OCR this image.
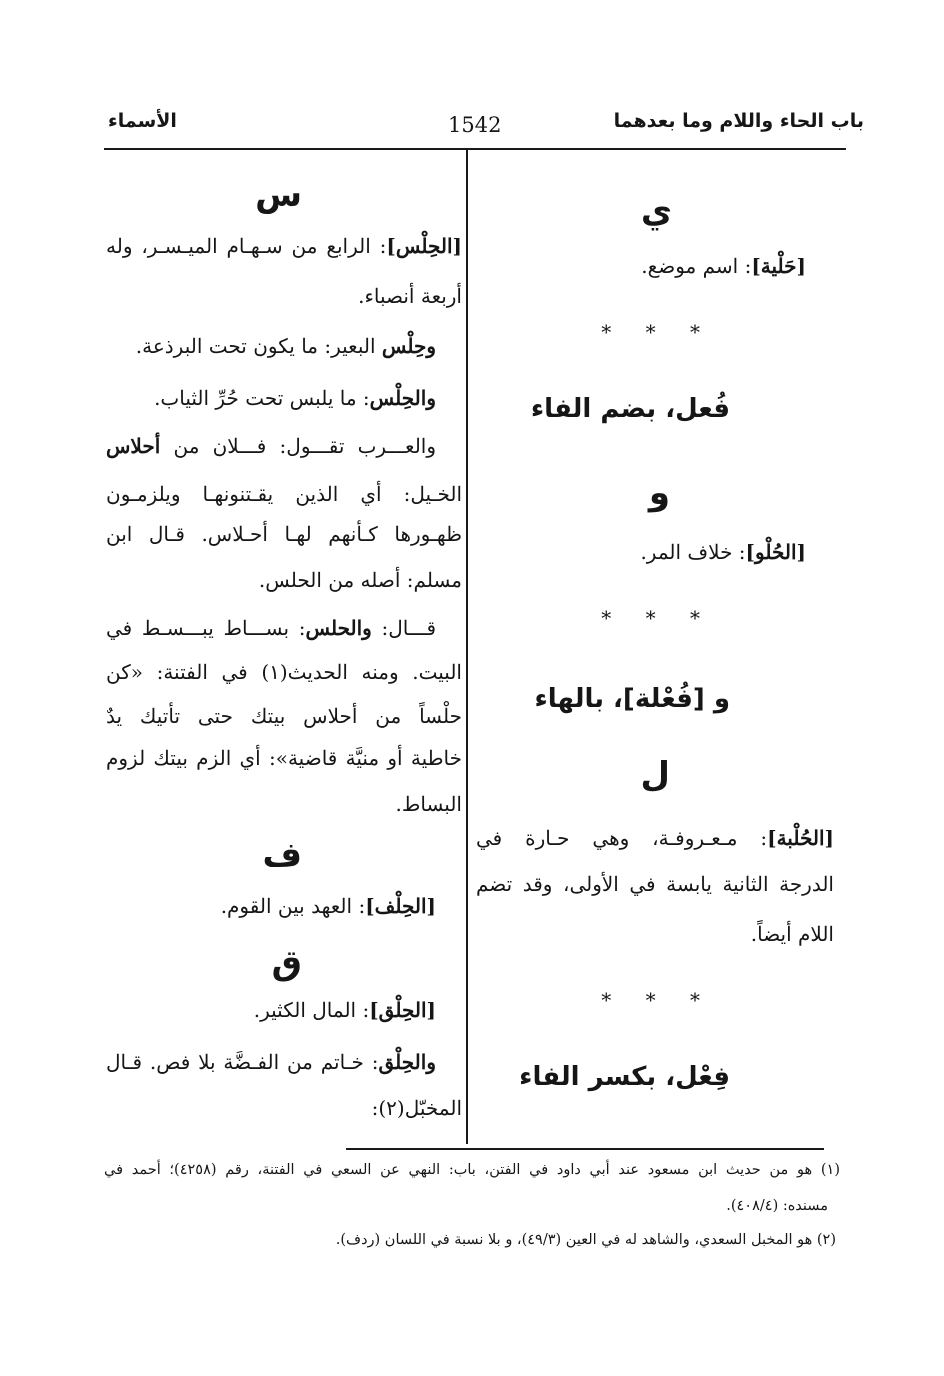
باب الحاء واللام وما بعدهما
1542
الأسماء
ي
[حَلْية]: اسم موضع.
* * *
فُعل، بضم الفاء
و
[الحُلْو]: خلاف المر.
* * *
و [فُعْلة]، بالهاء
ل
[الحُلْبة]: مـعـروفـة، وهي حـارة في
الدرجة الثانية يابسة في الأولى، وقد تضم
اللام أيضاً.
* * *
فِعْل، بكسر الفاء
س
[الحِلْس]: الرابع من سـهـام الميـسـر، وله
أربعة أنصباء.
وحِلْس البعير: ما يكون تحت البرذعة.
والحِلْس: ما يلبس تحت حُرِّ الثياب.
والعـــرب تقـــول: فـــلان من أحلاس
الخـيل: أي الذين يقـتنونهـا ويلزمـون
ظهـورها كـأنهم لهـا أحـلاس. قـال ابن
مسلم: أصله من الحلس.
قـــال: والحلس: بســـاط يبـــسـط في
البيت. ومنه الحديث(١) في الفتنة: «كن
حلْساً من أحلاس بيتك حتى تأتيك يدٌ
خاطية أو منيَّة قاضية»: أي الزم بيتك لزوم
البساط.
ف
[الحِلْف]: العهد بين القوم.
ق
[الحِلْق]: المال الكثير.
والحِلْق: خـاتم من الفـضَّة بلا فص. قـال
المخبّل(٢):
(١) هو من حديث ابن مسعود عند أبي داود في الفتن، باب: النهي عن السعي في الفتنة، رقم (٤٢٥٨)؛ أحمد في
مسنده: (٤٠٨/٤).
(٢) هو المخبل السعدي، والشاهد له في العين (٤٩/٣)، و بلا نسبة في اللسان (ردف).
